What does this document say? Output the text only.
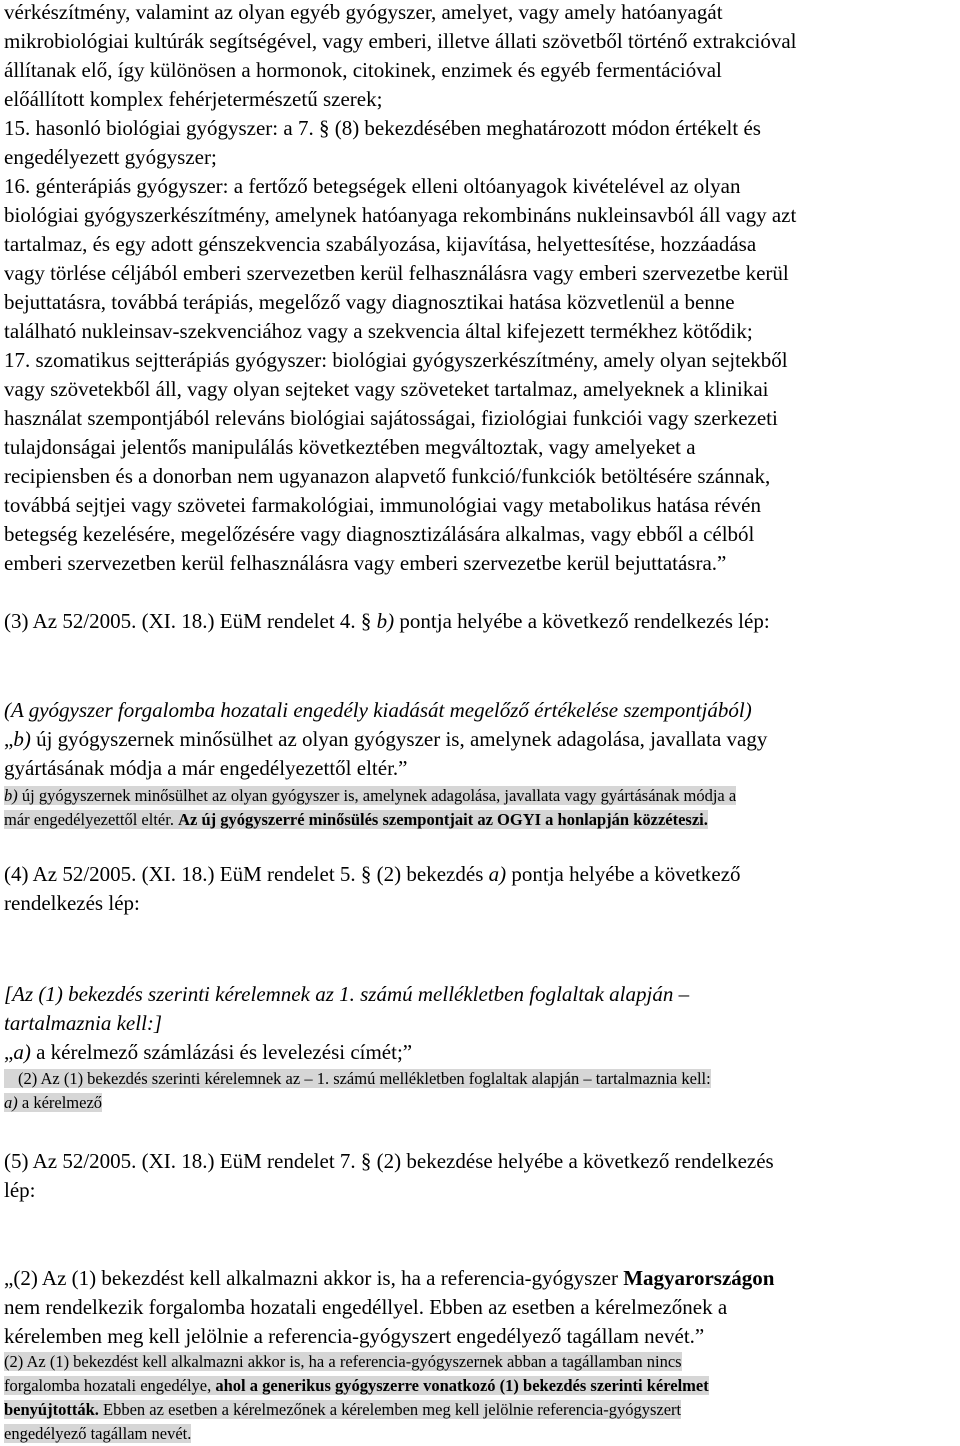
vérkészítmény, valamint az olyan egyéb gyógyszer, amelyet, vagy amely hatóanyagát
mikrobiológiai kultúrák segítségével, vagy emberi, illetve állati szövetből történő extrakcióval
állítanak elő, így különösen a hormonok, citokinek, enzimek és egyéb fermentációval
előállított komplex fehérjetermészetű szerek;
15. hasonló biológiai gyógyszer: a 7. § (8) bekezdésében meghatározott módon értékelt és
engedélyezett gyógyszer;
16. génterápiás gyógyszer: a fertőző betegségek elleni oltóanyagok kivételével az olyan
biológiai gyógyszerkészítmény, amelynek hatóanyaga rekombináns nukleinsavból áll vagy azt
tartalmaz, és egy adott génszekvencia szabályozása, kijavítása, helyettesítése, hozzáadása
vagy törlése céljából emberi szervezetben kerül felhasználásra vagy emberi szervezetbe kerül
bejuttatásra, továbbá terápiás, megelőző vagy diagnosztikai hatása közvetlenül a benne
található nukleinsav-szekvenciához vagy a szekvencia által kifejezett termékhez kötődik;
17. szomatikus sejtterápiás gyógyszer: biológiai gyógyszerkészítmény, amely olyan sejtekből
vagy szövetekből áll, vagy olyan sejteket vagy szöveteket tartalmaz, amelyeknek a klinikai
használat szempontjából releváns biológiai sajátosságai, fiziológiai funkciói vagy szerkezeti
tulajdonságai jelentős manipulálás következtében megváltoztak, vagy amelyeket a
recipiensben és a donorban nem ugyanazon alapvető funkció/funkciók betöltésére szánnak,
továbbá sejtjei vagy szövetei farmakológiai, immunológiai vagy metabolikus hatása révén
betegség kezelésére, megelőzésére vagy diagnosztizálására alkalmas, vagy ebből a célból
emberi szervezetben kerül felhasználásra vagy emberi szervezetbe kerül bejuttatásra.”
(3) Az 52/2005. (XI. 18.) EüM rendelet 4. § b) pontja helyébe a következő rendelkezés lép:
(A gyógyszer forgalomba hozatali engedély kiadását megelőző értékelése szempontjából)
„b) új gyógyszernek minősülhet az olyan gyógyszer is, amelynek adagolása, javallata vagy
gyártásának módja a már engedélyezettől eltér.”
b) új gyógyszernek minősülhet az olyan gyógyszer is, amelynek adagolása, javallata vagy gyártásának módja a
már engedélyezettől eltér. Az új gyógyszerré minősülés szempontjait az OGYI a honlapján közzéteszi.
(4) Az 52/2005. (XI. 18.) EüM rendelet 5. § (2) bekezdés a) pontja helyébe a következő
rendelkezés lép:
[Az (1) bekezdés szerinti kérelemnek az 1. számú mellékletben foglaltak alapján –
tartalmaznia kell:]
„a) a kérelmező számlázási és levelezési címét;”
(2) Az (1) bekezdés szerinti kérelemnek az – 1. számú mellékletben foglaltak alapján – tartalmaznia kell:
a) a kérelmező
(5) Az 52/2005. (XI. 18.) EüM rendelet 7. § (2) bekezdése helyébe a következő rendelkezés
lép:
„(2) Az (1) bekezdést kell alkalmazni akkor is, ha a referencia-gyógyszer Magyarországon
nem rendelkezik forgalomba hozatali engedéllyel. Ebben az esetben a kérelmezőnek a
kérelemben meg kell jelölnie a referencia-gyógyszert engedélyező tagállam nevét.”
(2) Az (1) bekezdést kell alkalmazni akkor is, ha a referencia-gyógyszernek abban a tagállamban nincs
forgalomba hozatali engedélye, ahol a generikus gyógyszerre vonatkozó (1) bekezdés szerinti kérelmet
benyújtották. Ebben az esetben a kérelmezőnek a kérelemben meg kell jelölnie referencia-gyógyszert
engedélyező tagállam nevét.
